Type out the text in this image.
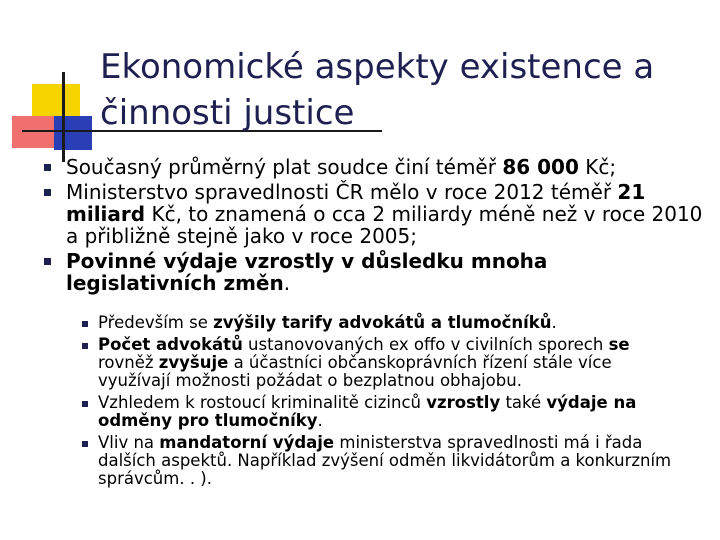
Ekonomické aspekty existence a činnosti justice
Současný průměrný plat soudce činí téměř 86 000 Kč;
Ministerstvo spravedlnosti ČR mělo v roce 2012 téměř 21 miliard Kč, to znamená o cca 2 miliardy méně než v roce 2010 a přibližně stejně jako v roce 2005;
Povinné výdaje vzrostly v důsledku mnoha legislativních změn.
Především se zvýšily tarify advokátů a tlumočníků.
Počet advokátů ustanovovaných ex offo v civilních sporech se rovněž zvyšuje a účastníci občanskoprávních řízení stále více využívají možnosti požádat o bezplatnou obhajobu.
Vzhledem k rostoucí kriminalitě cizinců vzrostly také výdaje na odměny pro tlumočníky.
Vliv na mandatorní výdaje ministerstva spravedlnosti má i řada dalších aspektů. Například zvýšení odměn likvidátorům a konkurzním správcům. . ).
